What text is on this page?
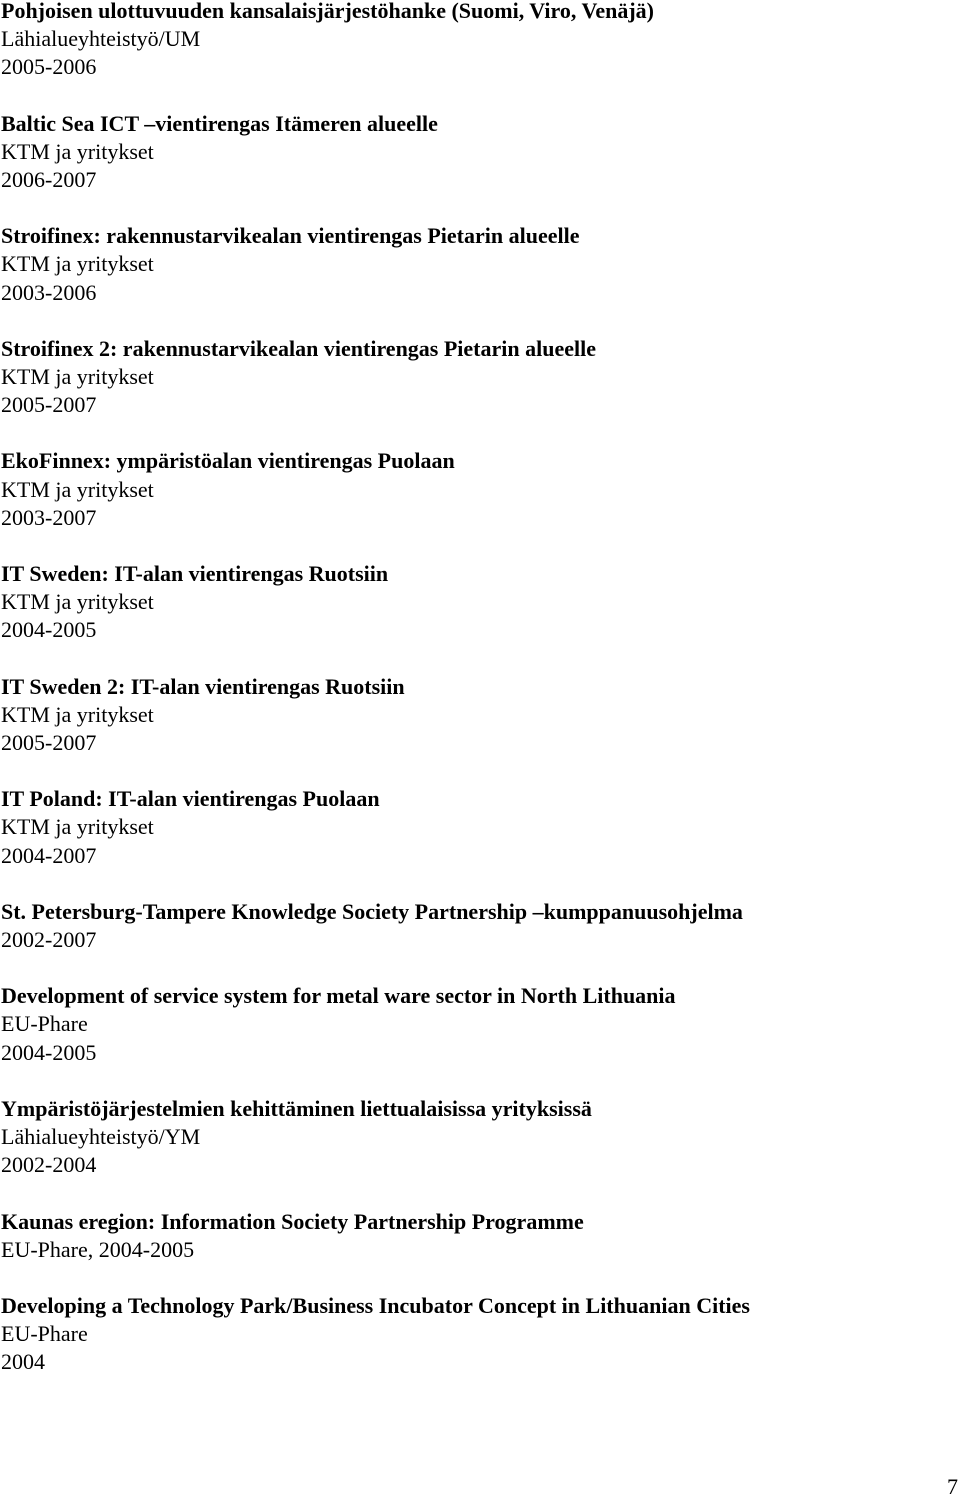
Pohjoisen ulottuvuuden kansalaisjärjestöhanke (Suomi, Viro, Venäjä)
Lähialueyhteistyö/UM
2005-2006
Baltic Sea ICT –vientirengas Itämeren alueelle
KTM ja yritykset
2006-2007
Stroifinex: rakennustarvikealan vientirengas Pietarin alueelle
KTM ja yritykset
2003-2006
Stroifinex 2: rakennustarvikealan vientirengas Pietarin alueelle
KTM ja yritykset
2005-2007
EkoFinnex: ympäristöalan vientirengas Puolaan
KTM ja yritykset
2003-2007
IT Sweden: IT-alan vientirengas Ruotsiin
KTM ja yritykset
2004-2005
IT Sweden 2: IT-alan vientirengas Ruotsiin
KTM ja yritykset
2005-2007
IT Poland: IT-alan vientirengas Puolaan
KTM ja yritykset
2004-2007
St. Petersburg-Tampere Knowledge Society Partnership –kumppanuusohjelma
2002-2007
Development of service system for metal ware sector in North Lithuania
EU-Phare
2004-2005
Ympäristöjärjestelmien kehittäminen liettualaisissa yrityksissä
Lähialueyhteistyö/YM
2002-2004
Kaunas eregion: Information Society Partnership Programme
EU-Phare, 2004-2005
Developing a Technology Park/Business Incubator Concept in Lithuanian Cities
EU-Phare
2004
7
